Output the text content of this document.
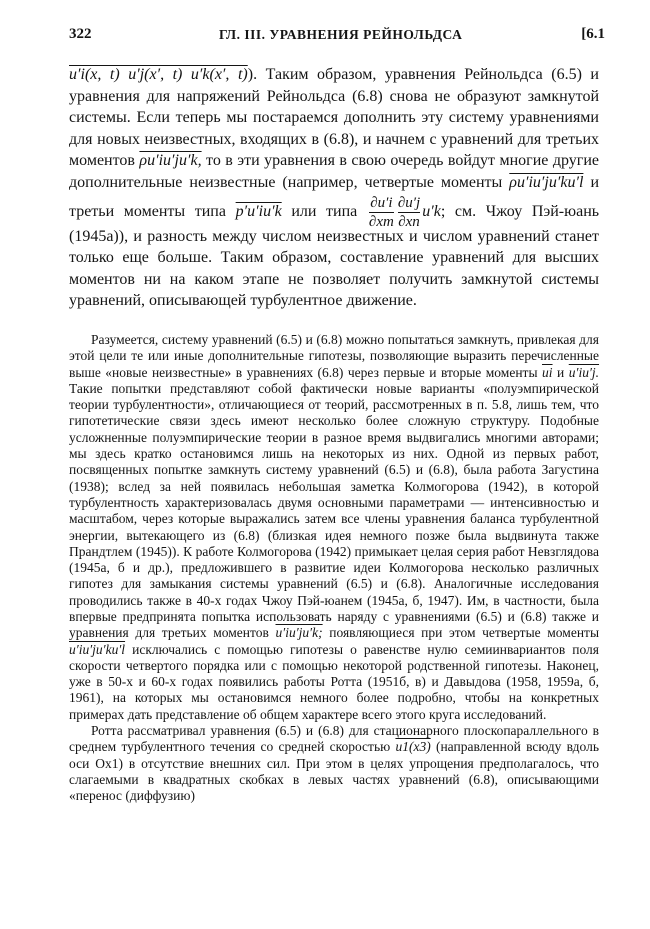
322	ГЛ. III. УРАВНЕНИЯ РЕЙНОЛЬДСА	[6.1

u′i(x, t) u′j(x′, t) u′k(x′, t)). Таким образом, уравнения Рейнольдса (6.5) и уравнения для напряжений Рейнольдса (6.8) снова не образуют замкнутой системы. Если теперь мы постараемся дополнить эту систему уравнениями для новых неизвестных, входящих в (6.8), и начнем с уравнений для третьих моментов ρu′iu′ju′k, то в эти уравнения в свою очередь войдут многие другие дополнительные неизвестные (например, четвертые моменты ρu′iu′ju′ku′l и третьи моменты типа p′u′iu′k или типа $\frac{\partial u'i}{\partial xm} \frac{\partial u'j}{\partial xn} u'k$; см. Чжоу Пэй-юань (1945а)), и разность между числом неизвестных и числом уравнений станет только еще больше. Таким образом, составление уравнений для высших моментов ни на каком этапе не позволяет получить замкнутой системы уравнений, описывающей турбулентное движение.

Разумеется, систему уравнений (6.5) и (6.8) можно попытаться замкнуть, привлекая для этой цели те или иные дополнительные гипотезы, позволяющие выразить перечисленные выше «новые неизвестные» в уравнениях (6.8) через первые и вторые моменты $\overline{ui}$ и u′iu′j. Такие попытки представляют собой фактически новые варианты «полуэмпирической теории турбулентности», отличающиеся от теорий, рассмотренных в п. 5.8, лишь тем, что гипотетические связи здесь имеют несколько более сложную структуру. Подобные усложненные полуэмпирические теории в разное время выдвигались многими авторами; мы здесь кратко остановимся лишь на некоторых из них. Одной из первых работ, посвященных попытке замкнуть систему уравнений (6.5) и (6.8), была работа Загустина (1938); вслед за ней появилась небольшая заметка Колмогорова (1942), в которой турбулентность характеризовалась двумя основными параметрами — интенсивностью и масштабом, через которые выражались затем все члены уравнения баланса турбулентной энергии, вытекающего из (6.8) (близкая идея немного позже была выдвинута также Прандтлем (1945)). К работе Колмогорова (1942) примыкает целая серия работ Невзглядова (1945а, б и др.), предложившего в развитие идеи Колмогорова несколько различных гипотез для замыкания системы уравнений (6.5) и (6.8). Аналогичные исследования проводились также в 40-х годах Чжоу Пэй-юанем (1945а, б, 1947). Им, в частности, была впервые предпринята попытка использовать наряду с уравнениями (6.5) и (6.8) также и уравнения для третьих моментов u′iu′ju′k; появляющиеся при этом четвертые моменты u′iu′ju′ku′l исключались с помощью гипотезы о равенстве нулю семиинвариантов поля скорости четвертого порядка или с помощью некоторой родственной гипотезы. Наконец, уже в 50-х и 60-х годах появились работы Ротта (1951б, в) и Давыдова (1958, 1959а, б, 1961), на которых мы остановимся немного более подробно, чтобы на конкретных примерах дать представление об общем характере всего этого круга исследований.

Ротта рассматривал уравнения (6.5) и (6.8) для стационарного плоскопараллельного в среднем турбулентного течения со средней скоростью u1(x3) (направленной всюду вдоль оси Ox1) в отсутствие внешних сил. При этом в целях упрощения предполагалось, что слагаемыми в квадратных скобках в левых частях уравнений (6.8), описывающими «перенос (диффузию)
